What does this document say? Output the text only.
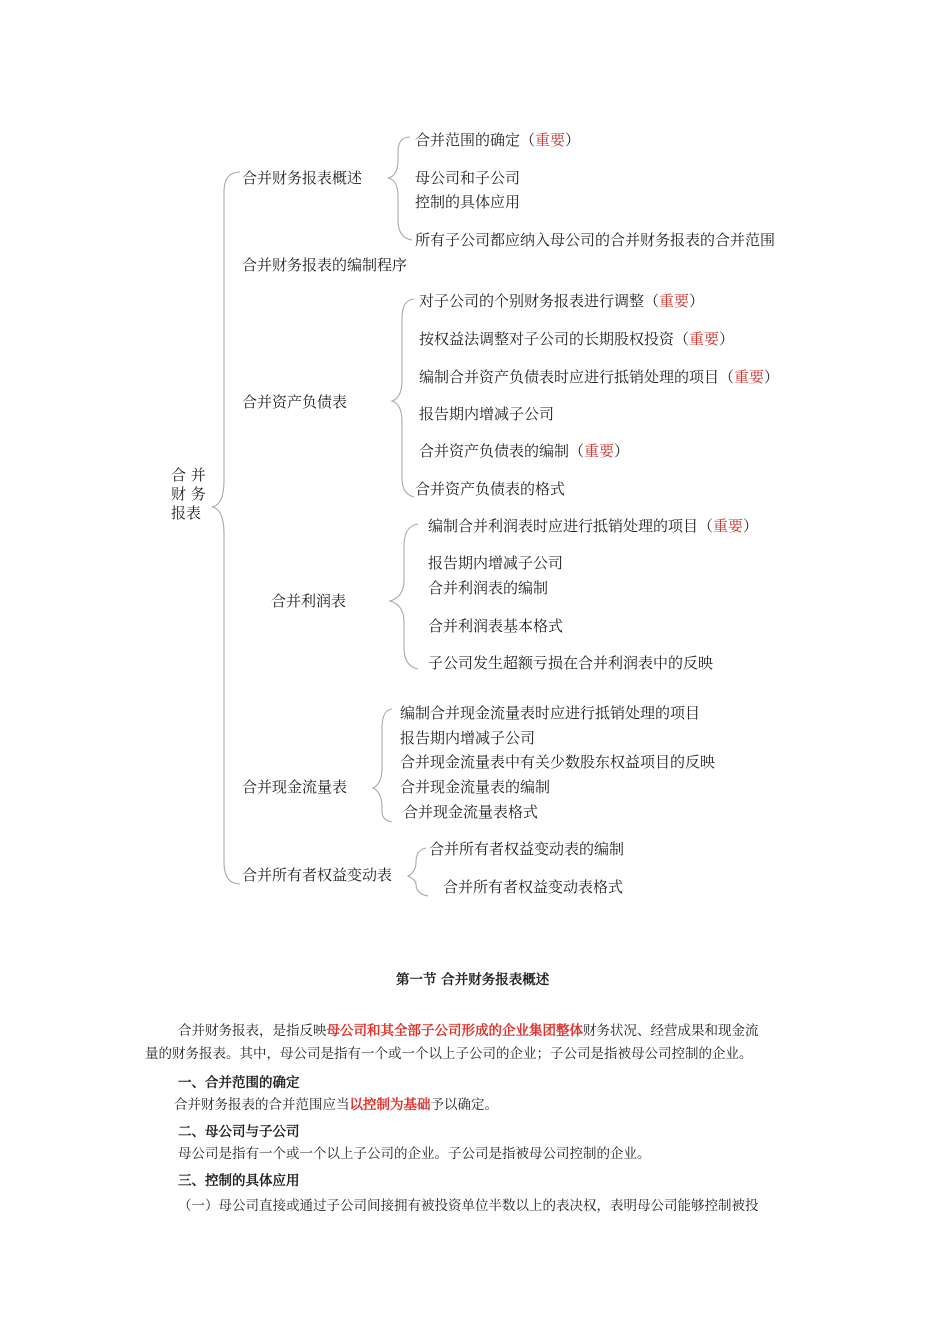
合 并
财 务
报表
合并财务报表概述
合并财务报表的编制程序
合并资产负债表
合并利润表
合并现金流量表
合并所有者权益变动表
合并范围的确定（重要）
母公司和子公司
控制的具体应用
所有子公司都应纳入母公司的合并财务报表的合并范围
对子公司的个别财务报表进行调整（重要）
按权益法调整对子公司的长期股权投资（重要）
编制合并资产负债表时应进行抵销处理的项目（重要）
报告期内增减子公司
合并资产负债表的编制（重要）
合并资产负债表的格式
编制合并利润表时应进行抵销处理的项目（重要）
报告期内增减子公司
合并利润表的编制
合并利润表基本格式
子公司发生超额亏损在合并利润表中的反映
编制合并现金流量表时应进行抵销处理的项目
报告期内增减子公司
合并现金流量表中有关少数股东权益项目的反映
合并现金流量表的编制
合并现金流量表格式
合并所有者权益变动表的编制
合并所有者权益变动表格式
第一节 合并财务报表概述
合并财务报表，是指反映母公司和其全部子公司形成的企业集团整体财务状况、经营成果和现金流
量的财务报表。其中，母公司是指有一个或一个以上子公司的企业；子公司是指被母公司控制的企业。
一、合并范围的确定
合并财务报表的合并范围应当以控制为基础予以确定。
二、母公司与子公司
母公司是指有一个或一个以上子公司的企业。子公司是指被母公司控制的企业。
三、控制的具体应用
（一）母公司直接或通过子公司间接拥有被投资单位半数以上的表决权，表明母公司能够控制被投
